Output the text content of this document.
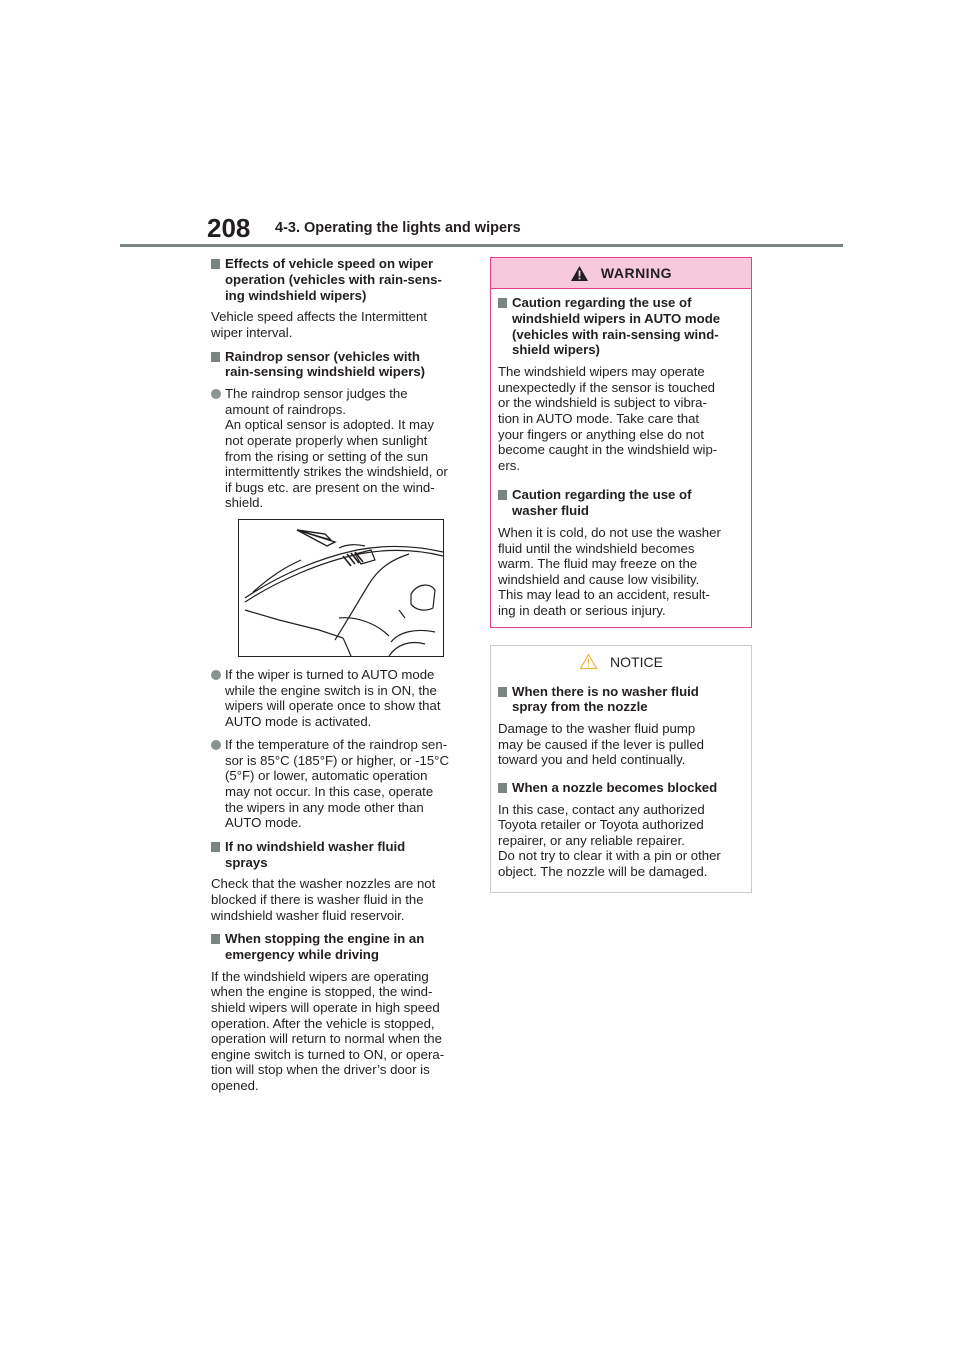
208 4-3. Operating the lights and wipers
Effects of vehicle speed on wiper
operation (vehicles with rain-sens-
ing windshield wipers)
Vehicle speed affects the Intermittent
wiper interval.
Raindrop sensor (vehicles with
rain-sensing windshield wipers)
The raindrop sensor judges the
amount of raindrops.
An optical sensor is adopted. It may
not operate properly when sunlight
from the rising or setting of the sun
intermittently strikes the windshield, or
if bugs etc. are present on the wind-
shield.
If the wiper is turned to AUTO mode
while the engine switch is in ON, the
wipers will operate once to show that
AUTO mode is activated.
If the temperature of the raindrop sen-
sor is 85°C (185°F) or higher, or -15°C
(5°F) or lower, automatic operation
may not occur. In this case, operate
the wipers in any mode other than
AUTO mode.
If no windshield washer fluid
sprays
Check that the washer nozzles are not
blocked if there is washer fluid in the
windshield washer fluid reservoir.
When stopping the engine in an
emergency while driving
If the windshield wipers are operating
when the engine is stopped, the wind-
shield wipers will operate in high speed
operation. After the vehicle is stopped,
operation will return to normal when the
engine switch is turned to ON, or opera-
tion will stop when the driver’s door is
opened.
WARNING
Caution regarding the use of
windshield wipers in AUTO mode
(vehicles with rain-sensing wind-
shield wipers)
The windshield wipers may operate
unexpectedly if the sensor is touched
or the windshield is subject to vibra-
tion in AUTO mode. Take care that
your fingers or anything else do not
become caught in the windshield wip-
ers.
Caution regarding the use of
washer fluid
When it is cold, do not use the washer
fluid until the windshield becomes
warm. The fluid may freeze on the
windshield and cause low visibility.
This may lead to an accident, result-
ing in death or serious injury.
NOTICE
When there is no washer fluid
spray from the nozzle
Damage to the washer fluid pump
may be caused if the lever is pulled
toward you and held continually.
When a nozzle becomes blocked
In this case, contact any authorized
Toyota retailer or Toyota authorized
repairer, or any reliable repairer.
Do not try to clear it with a pin or other
object. The nozzle will be damaged.
